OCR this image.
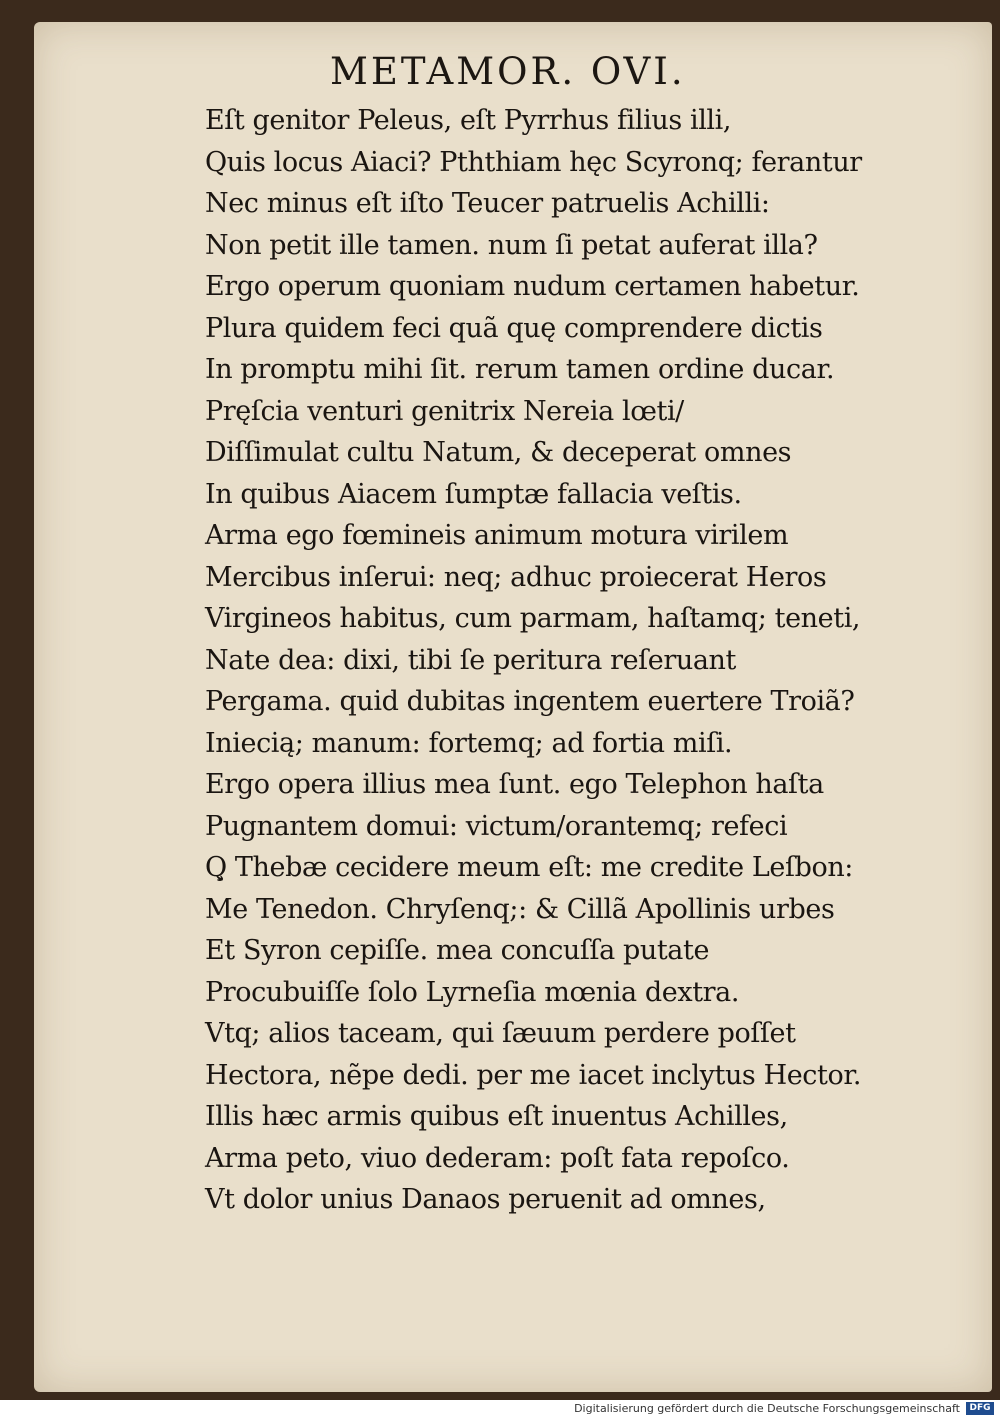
METAMOR. OVI.
Eſt genitor Peleus, eſt Pyrrhus filius illi,
Quis locus Aiaci? Pththiam hęc Scyronq; ferantur
Nec minus eſt iſto Teucer patruelis Achilli:
Non petit ille tamen. num ſi petat auferat illa?
Ergo operum quoniam nudum certamen habetur.
Plura quidem feci quã quę comprendere dictis
In promptu mihi ſit. rerum tamen ordine ducar.
Pręſcia venturi genitrix Nereia lœti/
Diſſimulat cultu Natum, & deceperat omnes
In quibus Aiacem ſumptæ fallacia veſtis.
Arma ego fœmineis animum motura virilem
Mercibus inſerui: neq; adhuc proiecerat Heros
Virgineos habitus, cum parmam, haſtamq; teneti,
Nate dea: dixi, tibi ſe peritura reſeruant
Pergama. quid dubitas ingentem euertere Troiã?
Iniecią; manum: fortemq; ad fortia miſi.
Ergo opera illius mea ſunt. ego Telephon haſta
Pugnantem domui: victum/orantemq; refeci
Q̧ Thebæ cecidere meum eſt: me credite Leſbon:
Me Tenedon. Chryſenq;: & Cillã Apollinis urbes
Et Syron cepiſſe. mea concuſſa putate
Procubuiſſe ſolo Lyrneſia mœnia dextra.
Vtq; alios taceam, qui ſæuum perdere poſſet
Hectora, nẽpe dedi. per me iacet inclytus Hector.
Illis hæc armis quibus eſt inuentus Achilles,
Arma peto, viuo dederam: poſt fata repoſco.
Vt dolor unius Danaos peruenit ad omnes,
Digitalisierung gefördert durch die Deutsche Forschungsgemeinschaft	DFG
